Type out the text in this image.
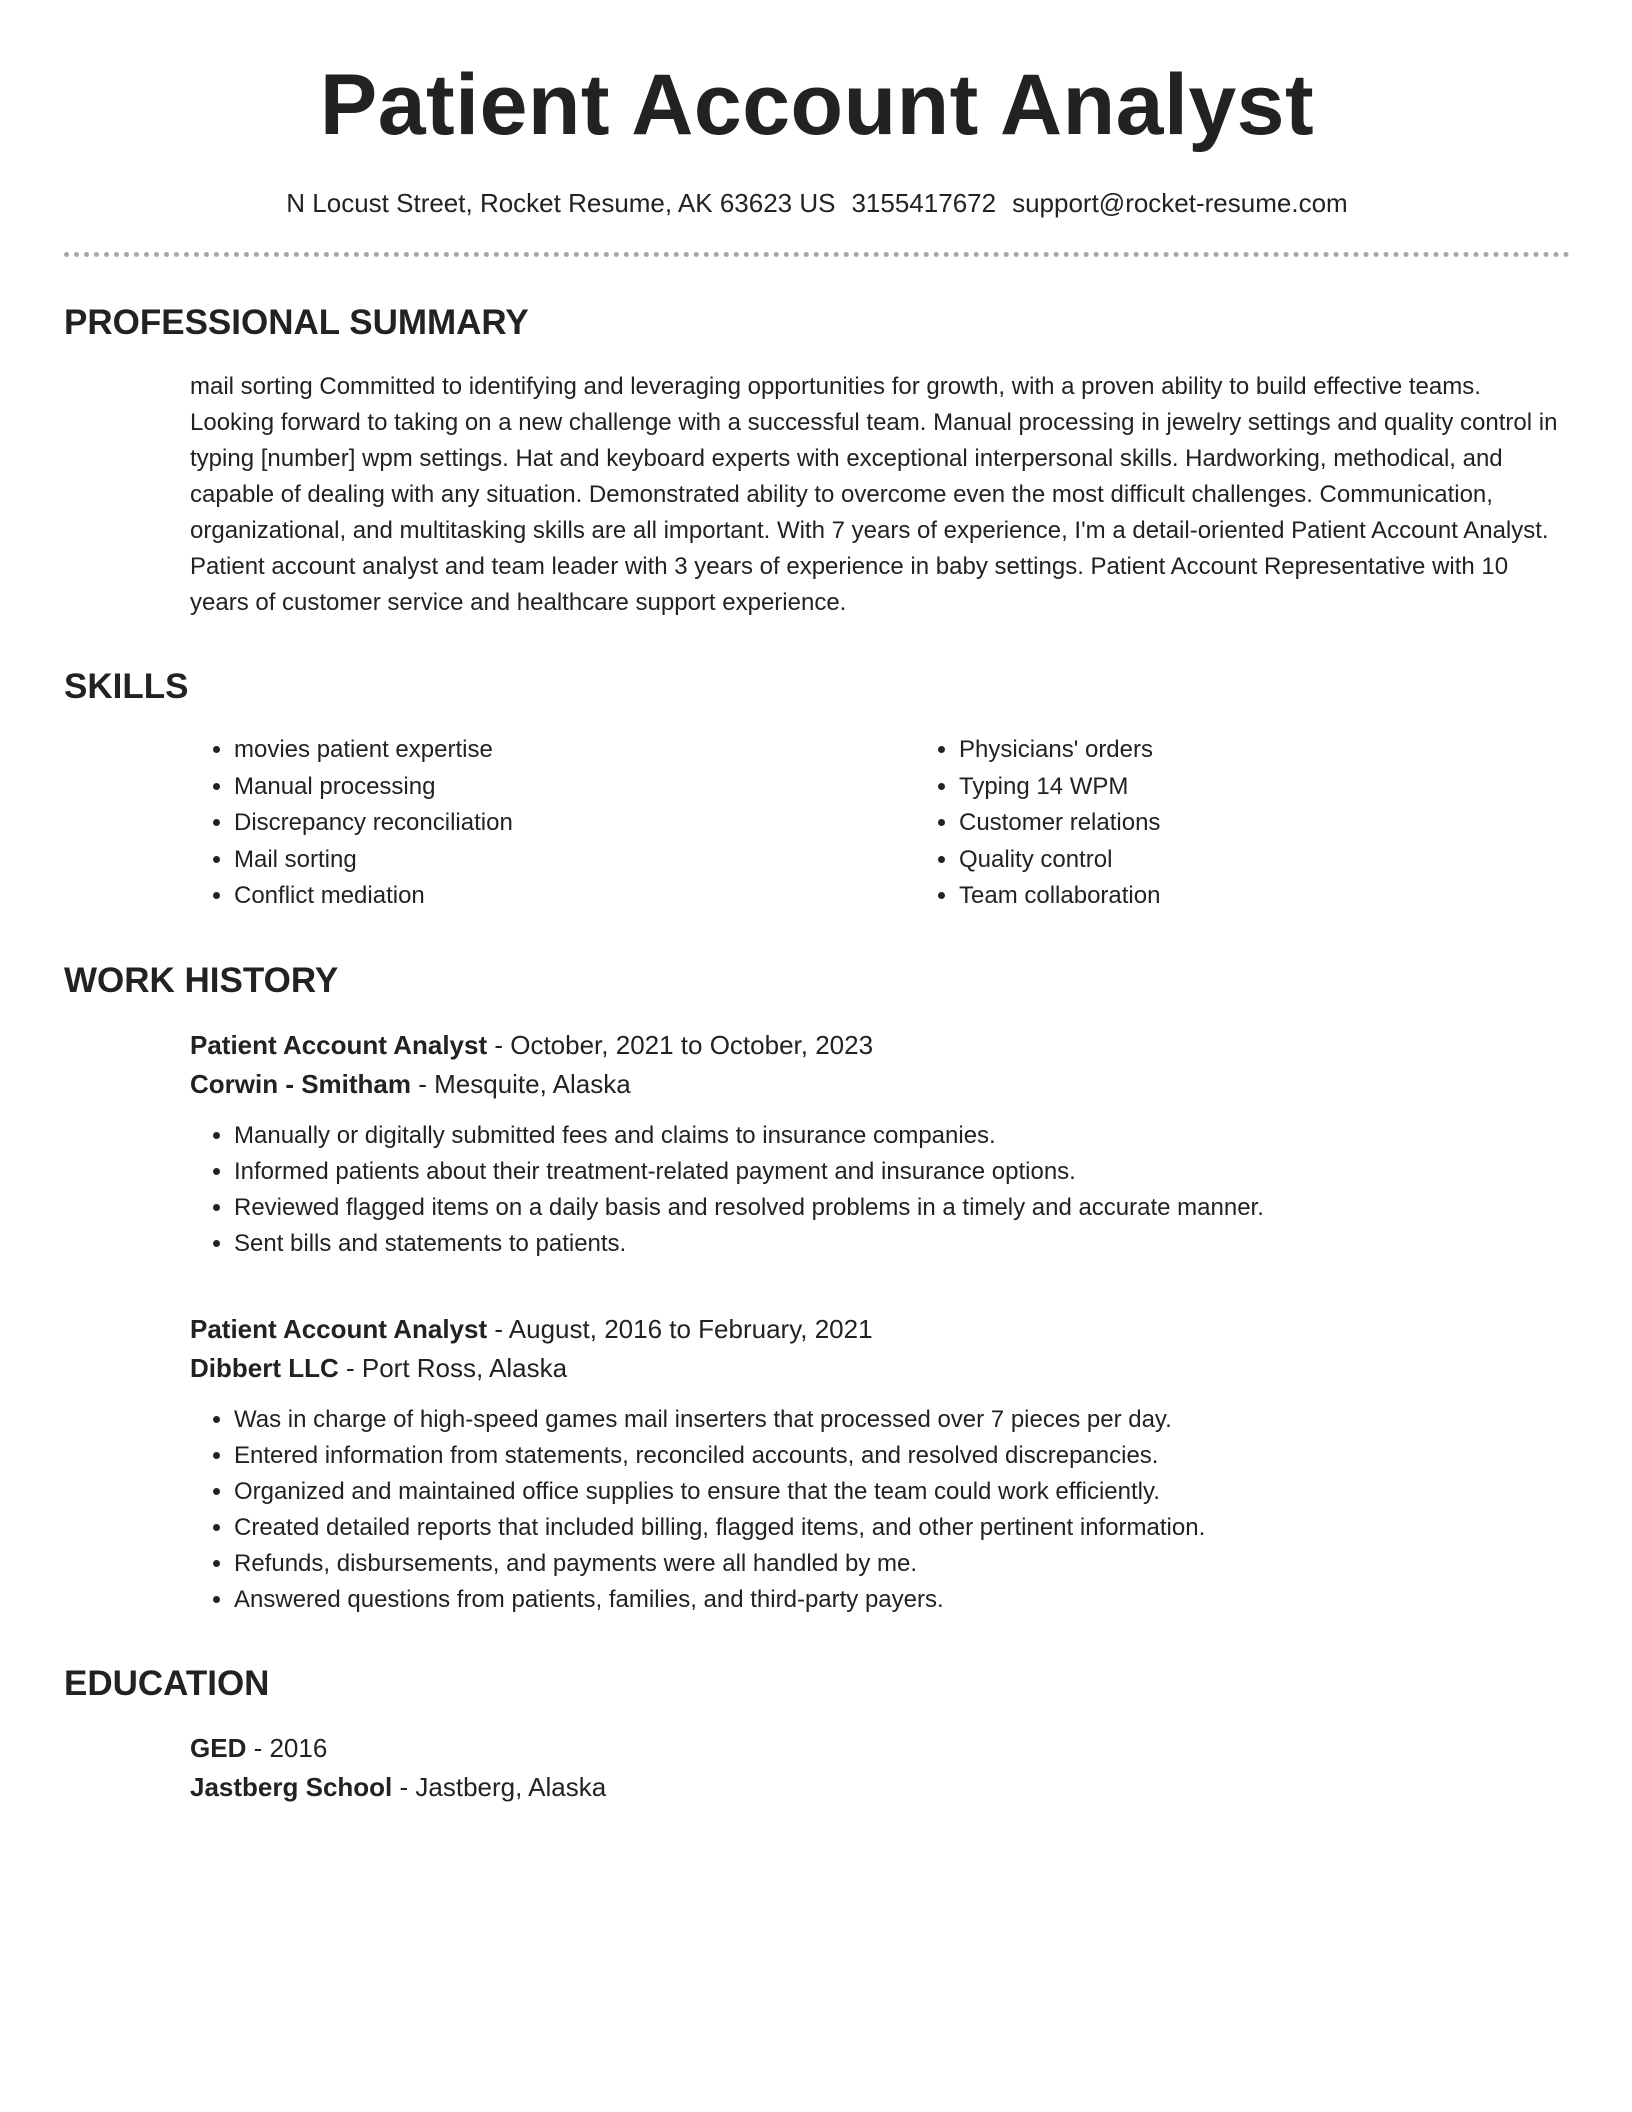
Patient Account Analyst
N Locust Street, Rocket Resume, AK 63623 US 3155417672 support@rocket-resume.com
PROFESSIONAL SUMMARY

mail sorting Committed to identifying and leveraging opportunities for growth, with a proven ability to build effective teams. Looking forward to taking on a new challenge with a successful team. Manual processing in jewelry settings and quality control in typing [number] wpm settings. Hat and keyboard experts with exceptional interpersonal skills. Hardworking, methodical, and capable of dealing with any situation. Demonstrated ability to overcome even the most difficult challenges. Communication, organizational, and multitasking skills are all important. With 7 years of experience, I'm a detail-oriented Patient Account Analyst. Patient account analyst and team leader with 3 years of experience in baby settings. Patient Account Representative with 10 years of customer service and healthcare support experience.

SKILLS
• movies patient expertise
• Manual processing
• Discrepancy reconciliation
• Mail sorting
• Conflict mediation
• Physicians' orders
• Typing 14 WPM
• Customer relations
• Quality control
• Team collaboration
WORK HISTORY
Patient Account Analyst - October, 2021 to October, 2023
Corwin - Smitham - Mesquite, Alaska
• Manually or digitally submitted fees and claims to insurance companies.
• Informed patients about their treatment-related payment and insurance options.
• Reviewed flagged items on a daily basis and resolved problems in a timely and accurate manner.
• Sent bills and statements to patients.
Patient Account Analyst - August, 2016 to February, 2021
Dibbert LLC - Port Ross, Alaska
• Was in charge of high-speed games mail inserters that processed over 7 pieces per day.
• Entered information from statements, reconciled accounts, and resolved discrepancies.
• Organized and maintained office supplies to ensure that the team could work efficiently.
• Created detailed reports that included billing, flagged items, and other pertinent information.
• Refunds, disbursements, and payments were all handled by me.
• Answered questions from patients, families, and third-party payers.
EDUCATION
GED - 2016
Jastberg School - Jastberg, Alaska
